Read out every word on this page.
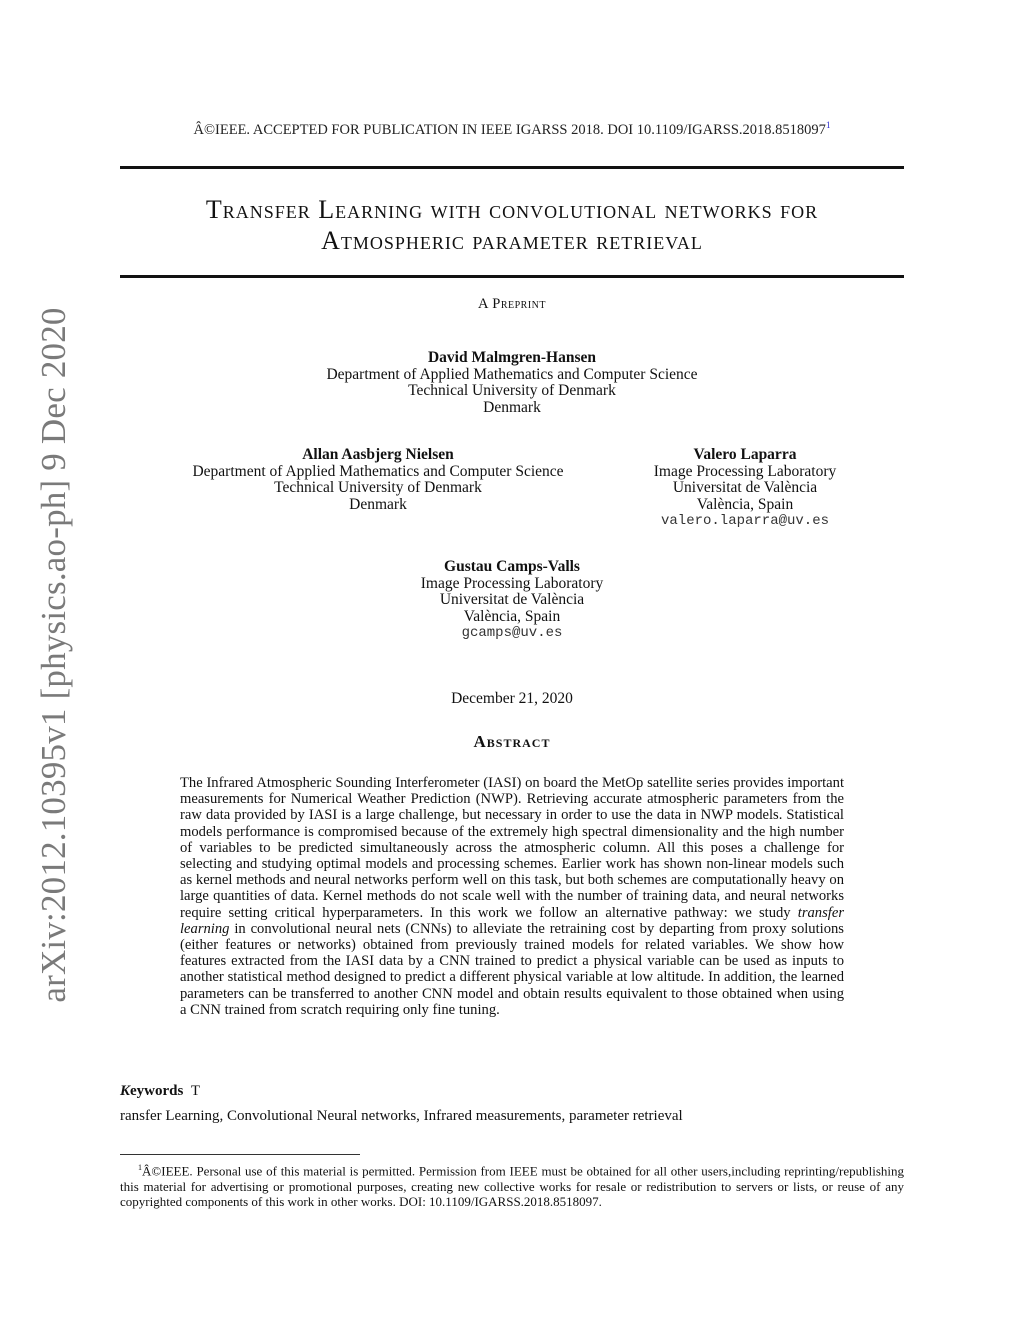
arXiv:2012.10395v1 [physics.ao-ph] 9 Dec 2020
Â©IEEE. ACCEPTED FOR PUBLICATION IN IEEE IGARSS 2018. DOI 10.1109/IGARSS.2018.8518097$^1$
Transfer Learning with convolutional networks for
Atmospheric parameter retrieval
A Preprint
David Malmgren-Hansen
Department of Applied Mathematics and Computer Science
Technical University of Denmark
Denmark
Allan Aasbjerg Nielsen
Department of Applied Mathematics and Computer Science
Technical University of Denmark
Denmark
Valero Laparra
Image Processing Laboratory
Universitat de València
València, Spain
valero.laparra@uv.es
Gustau Camps-Valls
Image Processing Laboratory
Universitat de València
València, Spain
gcamps@uv.es
December 21, 2020
Abstract
The Infrared Atmospheric Sounding Interferometer (IASI) on board the MetOp satellite series provides important measurements for Numerical Weather Prediction (NWP). Retrieving accurate atmospheric parameters from the raw data provided by IASI is a large challenge, but necessary in order to use the data in NWP models. Statistical models performance is compromised because of the extremely high spectral dimensionality and the high number of variables to be predicted simultaneously across the atmospheric column. All this poses a challenge for selecting and studying optimal models and processing schemes. Earlier work has shown non-linear models such as kernel methods and neural networks perform well on this task, but both schemes are computationally heavy on large quantities of data. Kernel methods do not scale well with the number of training data, and neural networks require setting critical hyperparameters. In this work we follow an alternative pathway: we study transfer learning in convolutional neural nets (CNNs) to alleviate the retraining cost by departing from proxy solutions (either features or networks) obtained from previously trained models for related variables. We show how features extracted from the IASI data by a CNN trained to predict a physical variable can be used as inputs to another statistical method designed to predict a different physical variable at low altitude. In addition, the learned parameters can be transferred to another CNN model and obtain results equivalent to those obtained when using a CNN trained from scratch requiring only fine tuning.
Keywords T
ransfer Learning, Convolutional Neural networks, Infrared measurements, parameter retrieval
$^1$Â©IEEE. Personal use of this material is permitted. Permission from IEEE must be obtained for all other users,including reprinting/republishing this material for advertising or promotional purposes, creating new collective works for resale or redistribution to servers or lists, or reuse of any copyrighted components of this work in other works. DOI: 10.1109/IGARSS.2018.8518097.
